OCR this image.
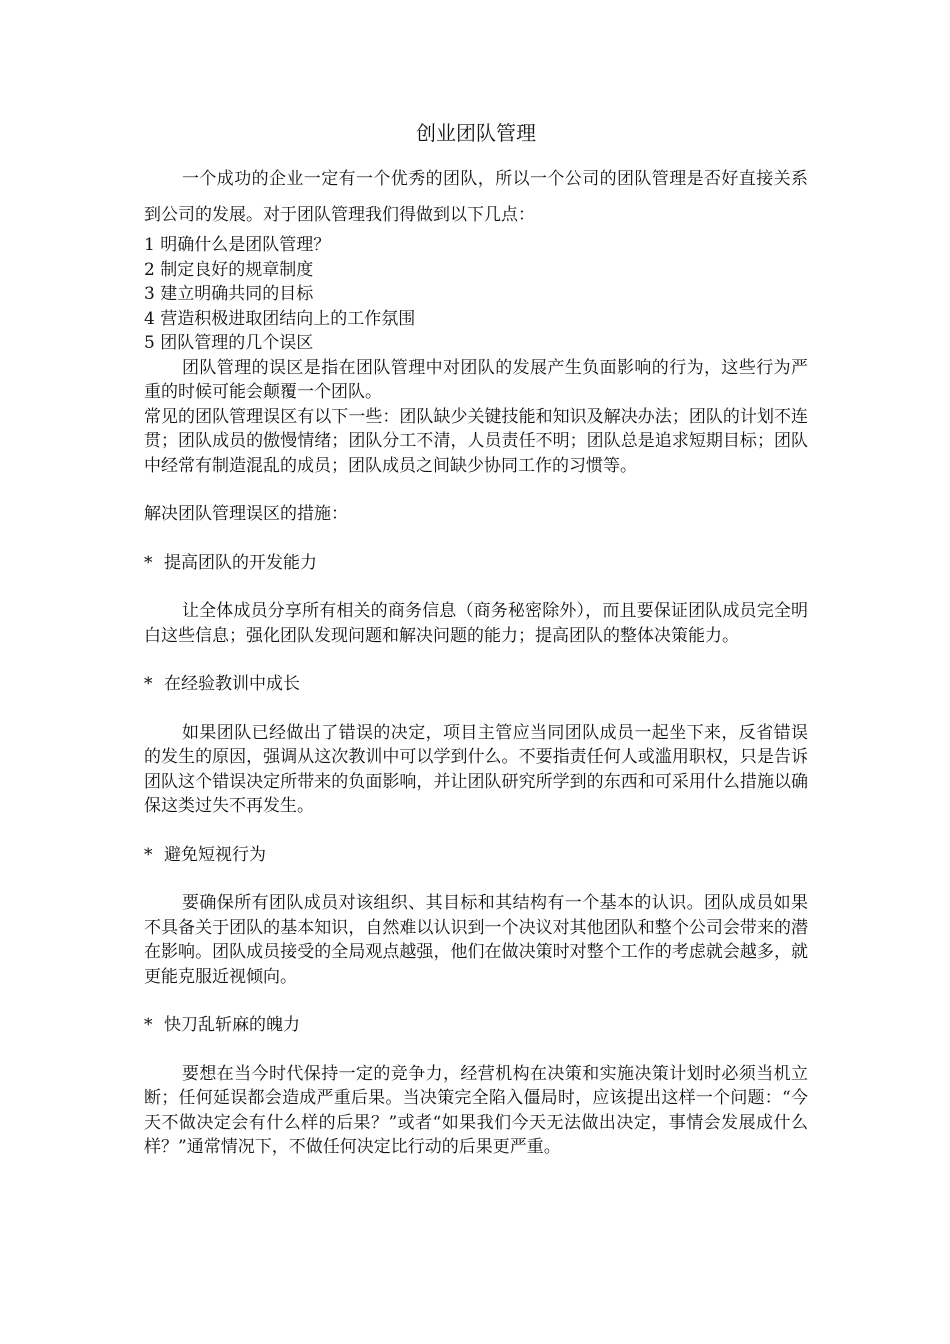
创业团队管理

一个成功的企业一定有一个优秀的团队，所以一个公司的团队管理是否好直接关系到公司的发展。对于团队管理我们得做到以下几点：

1 明确什么是团队管理？
2 制定良好的规章制度
3 建立明确共同的目标
4 营造积极进取团结向上的工作氛围
5 团队管理的几个误区

团队管理的误区是指在团队管理中对团队的发展产生负面影响的行为，这些行为严重的时候可能会颠覆一个团队。

常见的团队管理误区有以下一些：团队缺少关键技能和知识及解决办法；团队的计划不连贯；团队成员的傲慢情绪；团队分工不清，人员责任不明；团队总是追求短期目标；团队中经常有制造混乱的成员；团队成员之间缺少协同工作的习惯等。

解决团队管理误区的措施：

* 提高团队的开发能力

让全体成员分享所有相关的商务信息（商务秘密除外），而且要保证团队成员完全明白这些信息；强化团队发现问题和解决问题的能力；提高团队的整体决策能力。

* 在经验教训中成长

如果团队已经做出了错误的决定，项目主管应当同团队成员一起坐下来，反省错误的发生的原因，强调从这次教训中可以学到什么。不要指责任何人或滥用职权，只是告诉团队这个错误决定所带来的负面影响，并让团队研究所学到的东西和可采用什么措施以确保这类过失不再发生。

* 避免短视行为

要确保所有团队成员对该组织、其目标和其结构有一个基本的认识。团队成员如果不具备关于团队的基本知识，自然难以认识到一个决议对其他团队和整个公司会带来的潜在影响。团队成员接受的全局观点越强，他们在做决策时对整个工作的考虑就会越多，就更能克服近视倾向。

* 快刀乱斩麻的魄力

要想在当今时代保持一定的竞争力，经营机构在决策和实施决策计划时必须当机立断；任何延误都会造成严重后果。当决策完全陷入僵局时，应该提出这样一个问题：“今天不做决定会有什么样的后果？”或者“如果我们今天无法做出决定，事情会发展成什么样？”通常情况下，不做任何决定比行动的后果更严重。
